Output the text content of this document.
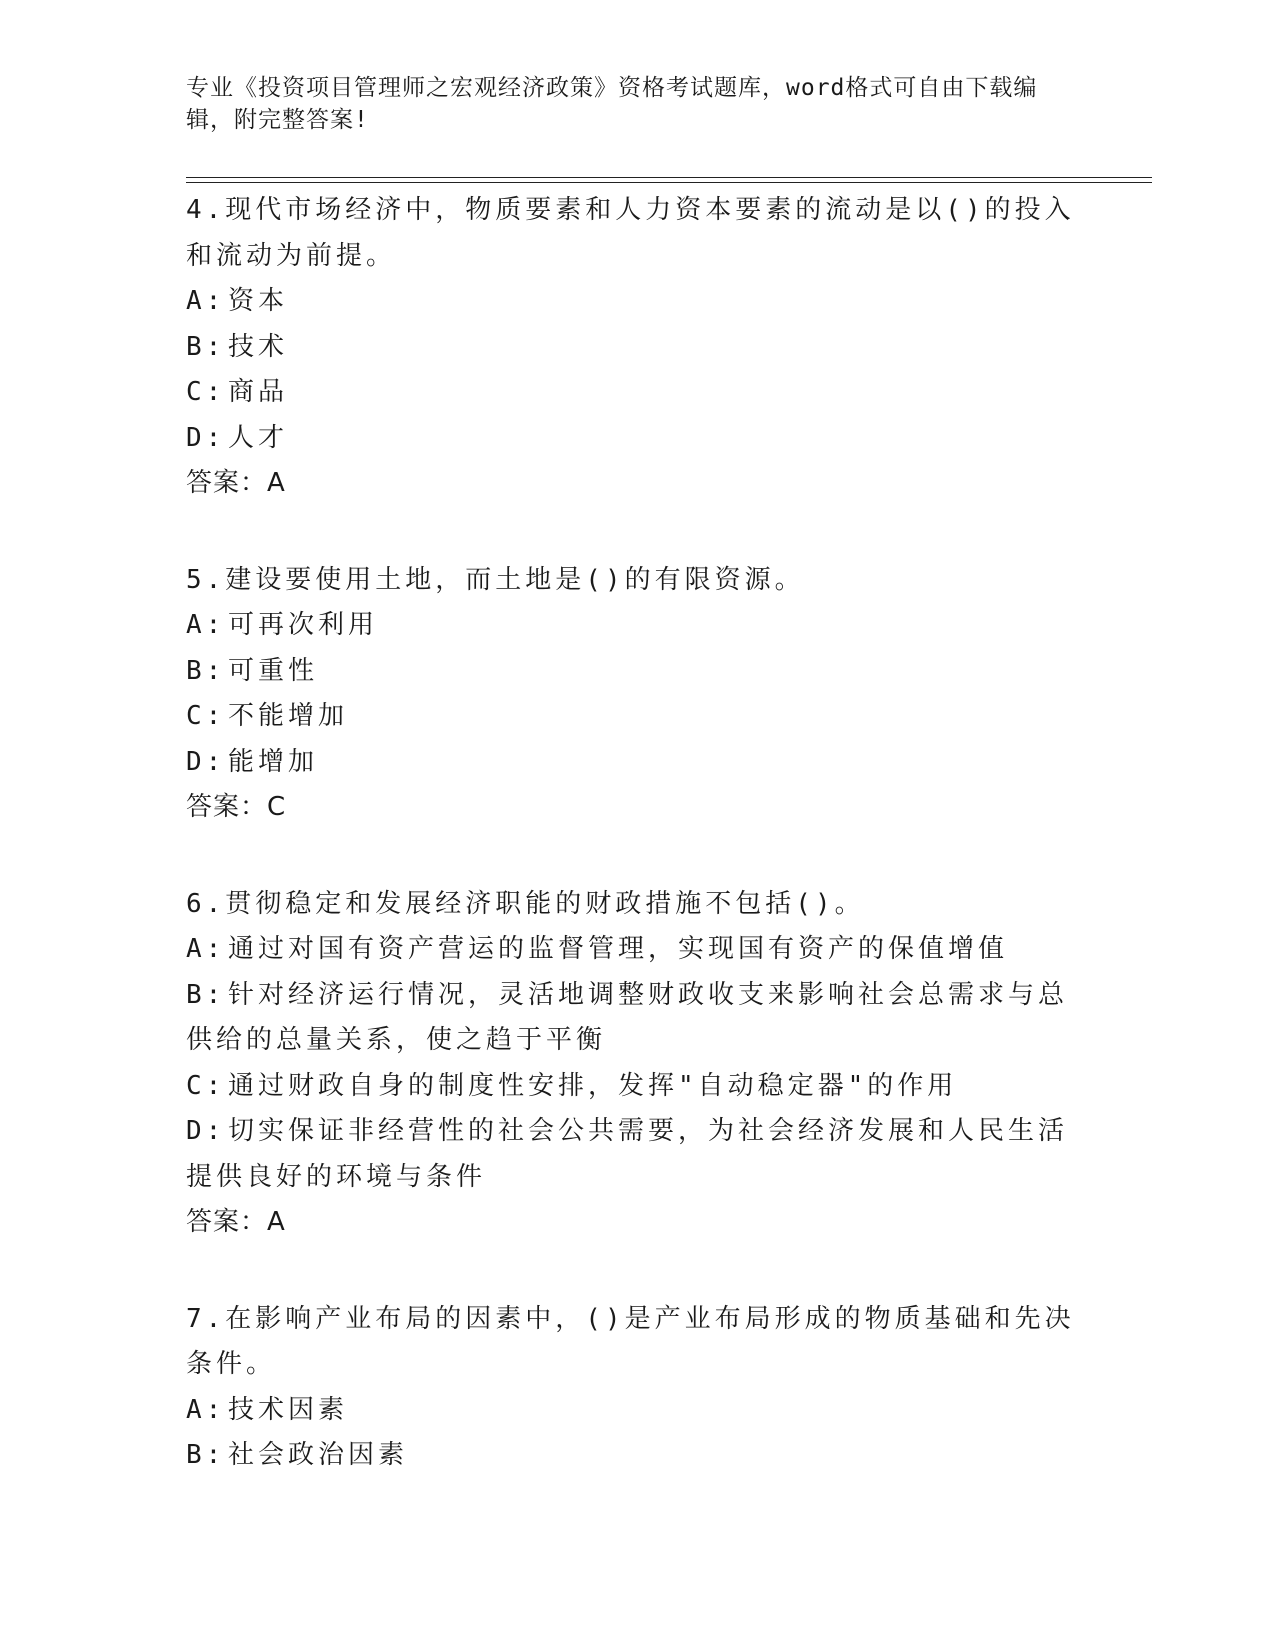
专业《投资项目管理师之宏观经济政策》资格考试题库，word格式可自由下载编辑，附完整答案!
4.现代市场经济中，物质要素和人力资本要素的流动是以()的投入和流动为前提。
A: 资本
B: 技术
C: 商品
D: 人才
答案：A
5.建设要使用土地，而土地是()的有限资源。
A: 可再次利用
B: 可重性
C: 不能增加
D: 能增加
答案：C
6.贯彻稳定和发展经济职能的财政措施不包括()。
A: 通过对国有资产营运的监督管理，实现国有资产的保值增值
B: 针对经济运行情况，灵活地调整财政收支来影响社会总需求与总供给的总量关系，使之趋于平衡
C: 通过财政自身的制度性安排，发挥"自动稳定器"的作用
D: 切实保证非经营性的社会公共需要，为社会经济发展和人民生活提供良好的环境与条件
答案：A
7.在影响产业布局的因素中，()是产业布局形成的物质基础和先决条件。
A: 技术因素
B: 社会政治因素
